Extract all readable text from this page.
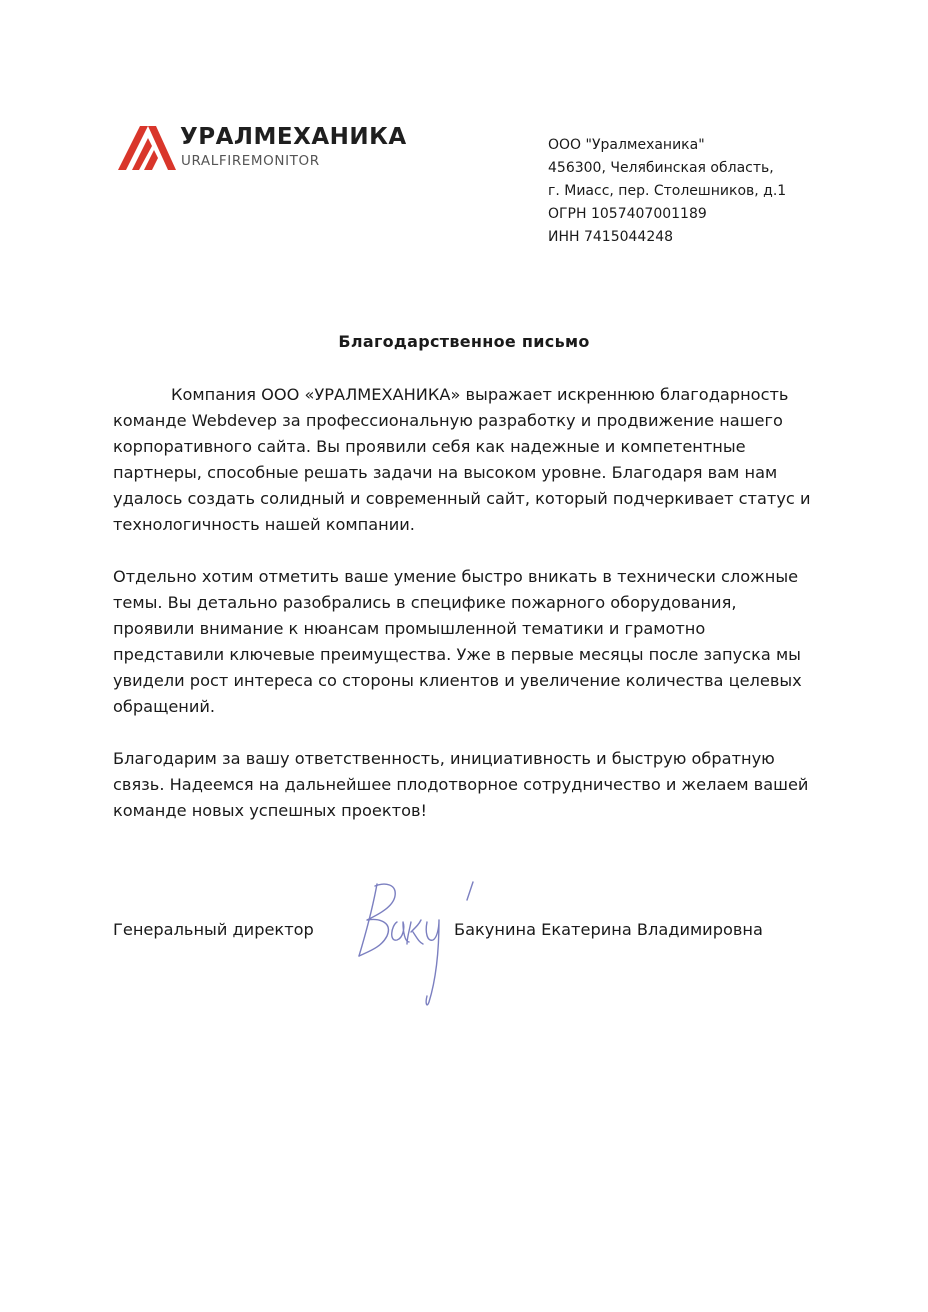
УРАЛМЕХАНИКА
URALFIREMONITOR
ООО "Уралмеханика"
456300, Челябинская область,
г. Миасс, пер. Столешников, д.1
ОГРН 1057407001189
ИНН 7415044248
Благодарственное письмо

Компания ООО «УРАЛМЕХАНИКА» выражает искреннюю благодарность команде Webdevep за профессиональную разработку и продвижение нашего корпоративного сайта. Вы проявили себя как надежные и компетентные партнеры, способные решать задачи на высоком уровне. Благодаря вам нам удалось создать солидный и современный сайт, который подчеркивает статус и технологичность нашей компании.

Отдельно хотим отметить ваше умение быстро вникать в технически сложные темы. Вы детально разобрались в специфике пожарного оборудования, проявили внимание к нюансам промышленной тематики и грамотно представили ключевые преимущества. Уже в первые месяцы после запуска мы увидели рост интереса со стороны клиентов и увеличение количества целевых обращений.

Благодарим за вашу ответственность, инициативность и быструю обратную связь. Надеемся на дальнейшее плодотворное сотрудничество и желаем вашей команде новых успешных проектов!

Генеральный директор	Бакунина Екатерина Владимировна
